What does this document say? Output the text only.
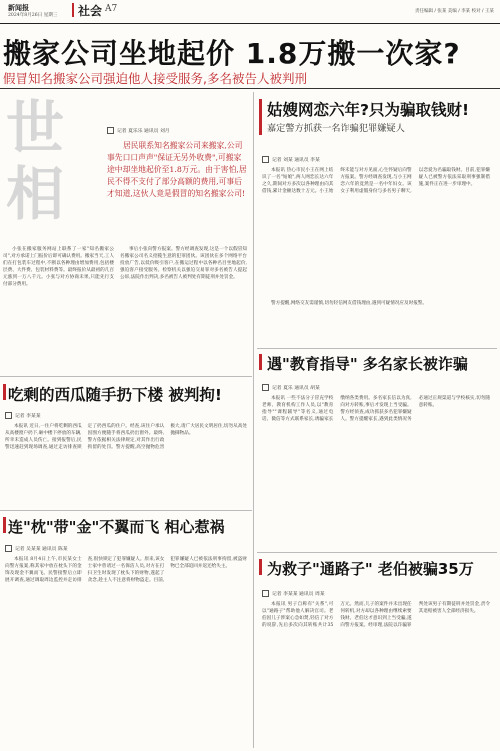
新闻报
2024年8月26日 星期三 社会 A7	责任编辑 / 张某 美编 / 李某 校对 / 王某
搬家公司坐地起价 1.8万搬一次家?
假冒知名搬家公司强迫他人接受服务,多名被告人被判刑
世相
记者 夏乐乐 通讯员 刘月
居民联系知名搬家公司来搬家,公司事先口口声声"保证无另外收费",可搬家途中却坐地起价至1.8万元。由于害怕,居民不得不支付了部分高额的费用,可事后才知道,这伙人竟是假冒的知名搬家公司!
小张在搬家服务网站上联系了一家"知名搬家公司",对方承诺上门报价后即可确认费用。搬家当天,工人们在打包装车过程中,不断以各种理由增加费用,包括楼层费、大件费、包装材料费等。最终报价从最初的几百元涨到一万八千元。小张与对方协商未果,只能先行支付部分费用。
事后小张向警方报案。警方经调查发现,这是一个以假冒知名搬家公司名义招揽生意的犯罪团伙。该团伙在多个网络平台投放广告,以低价吸引客户,在搬运过程中以各种名目坐地起价,强迫客户接受服务。检察机关以强迫交易罪对多名被告人提起公诉,法院作出判决,多名被告人被判处有期徒刑并处罚金。
姑嫂网恋六年?只为骗取钱财!
嘉定警方抓获一名诈骗犯罪嫌疑人
记者 刘某 通讯员 李某
本报讯 热心市民小王在网上结识了一名"姑娘",两人网恋长达六年之久,期间对方多次以各种理由向其借钱,累计金额达数十万元。小王始终未能与对方见面,心生怀疑后向警方报案。警方经调查发现,与小王网恋六年的竟然是一名中年妇女。该女子利用虚假身份与多名男子聊天,以恋爱为名骗取钱财。目前,犯罪嫌疑人已被警方依法采取刑事强制措施,案件正在进一步审理中。
警方提醒,网络交友需谨慎,切勿轻信网友借钱理由,遇到可疑情况应及时报警。
遇"教育指导" 多名家长被诈骗
记者 夏乐 通讯员 胡某
本报讯 一些不法分子冒充学校老师、教育机构工作人员,以"教育指导""课程辅导"等名义,通过电话、微信等方式联系家长,诱骗家长缴纳各类费用。多名家长信以为真,向对方转账,事后才发现上当受骗。警方经侦查,成功抓获多名犯罪嫌疑人。警方提醒家长,遇到此类情况务必通过正规渠道与学校核实,切勿随意转账。
为救子"通路子" 老伯被骗35万
记者 李某某 通讯员 周某
本报讯 男子自称有"关系",可以"通路子"帮助他人解决官司。老伯因儿子涉案心急如焚,轻信了对方的说辞,先后多次向其转账共计35万元。然而,儿子的案件并未出现任何转机,对方却以各种理由继续索要钱财。老伯这才意识到上当受骗,遂向警方报案。经审理,法院以诈骗罪判处该男子有期徒刑并处罚金,责令其退赔被害人全部经济损失。
吃剩的西瓜随手扔下楼 被判拘!
记者 李某某
本报讯 近日,一住户将吃剩的西瓜从高楼窗户扔下,砸中楼下停放的车辆,所幸未造成人员伤亡。接到报警后,民警迅速赶到现场调查,通过走访排查锁定了扔西瓜的住户。经查,该住户承认因图方便随手将西瓜扔出窗外。最终,警方依据相关法律规定,对其作出行政拘留的处罚。警方提醒,高空抛物危害极大,请广大居民文明居住,切勿从高处抛掷物品。
连"枕"带"金"不翼而飞 相心惹祸
记者 吴某某 通讯员 陈某
本报讯 8月4日上午,市民某女士向警方报案,称其家中放在枕头下的金饰及现金不翼而飞。民警接警后立即展开调查,通过调取周边监控并走访排查,很快锁定了犯罪嫌疑人。原来,该女士家中曾请过一名保洁人员,对方在打扫卫生时发现了枕头下的财物,遂起了贪念,趁主人不注意将财物盗走。目前,犯罪嫌疑人已被依法刑事拘留,被盗财物已全部追回并返还给失主。
